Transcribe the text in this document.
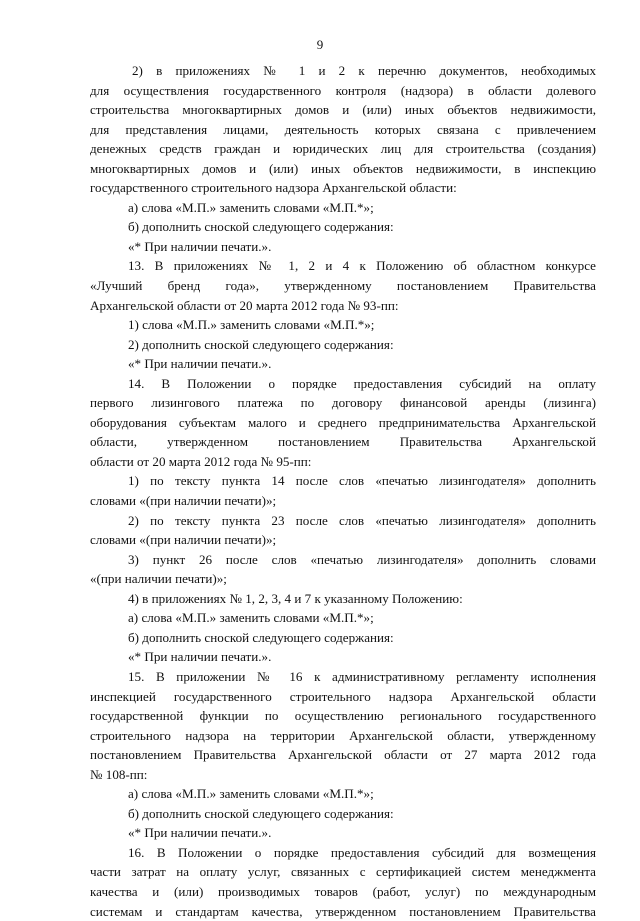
9
2) в приложениях № 1 и 2 к перечню документов, необходимых
для осуществления государственного контроля (надзора) в области долевого
строительства многоквартирных домов и (или) иных объектов недвижимости,
для представления лицами, деятельность которых связана с привлечением
денежных средств граждан и юридических лиц для строительства (создания)
многоквартирных домов и (или) иных объектов недвижимости, в инспекцию
государственного строительного надзора Архангельской области:
а) слова «М.П.» заменить словами «М.П.*»;
б) дополнить сноской следующего содержания:
«* При наличии печати.».
13. В приложениях № 1, 2 и 4 к Положению об областном конкурсе
«Лучший бренд года», утвержденному постановлением Правительства
Архангельской области от 20 марта 2012 года № 93-пп:
1) слова «М.П.» заменить словами «М.П.*»;
2) дополнить сноской следующего содержания:
«* При наличии печати.».
14. В Положении о порядке предоставления субсидий на оплату
первого лизингового платежа по договору финансовой аренды (лизинга)
оборудования субъектам малого и среднего предпринимательства Архангельской
области, утвержденном постановлением Правительства Архангельской
области от 20 марта 2012 года № 95-пп:
1) по тексту пункта 14 после слов «печатью лизингодателя» дополнить
словами «(при наличии печати)»;
2) по тексту пункта 23 после слов «печатью лизингодателя» дополнить
словами «(при наличии печати)»;
3) пункт 26 после слов «печатью лизингодателя» дополнить словами
«(при наличии печати)»;
4) в приложениях № 1, 2, 3, 4 и 7 к указанному Положению:
а) слова «М.П.» заменить словами «М.П.*»;
б) дополнить сноской следующего содержания:
«* При наличии печати.».
15. В приложении № 16 к административному регламенту исполнения
инспекцией государственного строительного надзора Архангельской области
государственной функции по осуществлению регионального государственного
строительного надзора на территории Архангельской области, утвержденному
постановлением Правительства Архангельской области от 27 марта 2012 года
№ 108-пп:
а) слова «М.П.» заменить словами «М.П.*»;
б) дополнить сноской следующего содержания:
«* При наличии печати.».
16. В Положении о порядке предоставления субсидий для возмещения
части затрат на оплату услуг, связанных с сертификацией систем менеджмента
качества и (или) производимых товаров (работ, услуг) по международным
системам и стандартам качества, утвержденном постановлением Правительства
